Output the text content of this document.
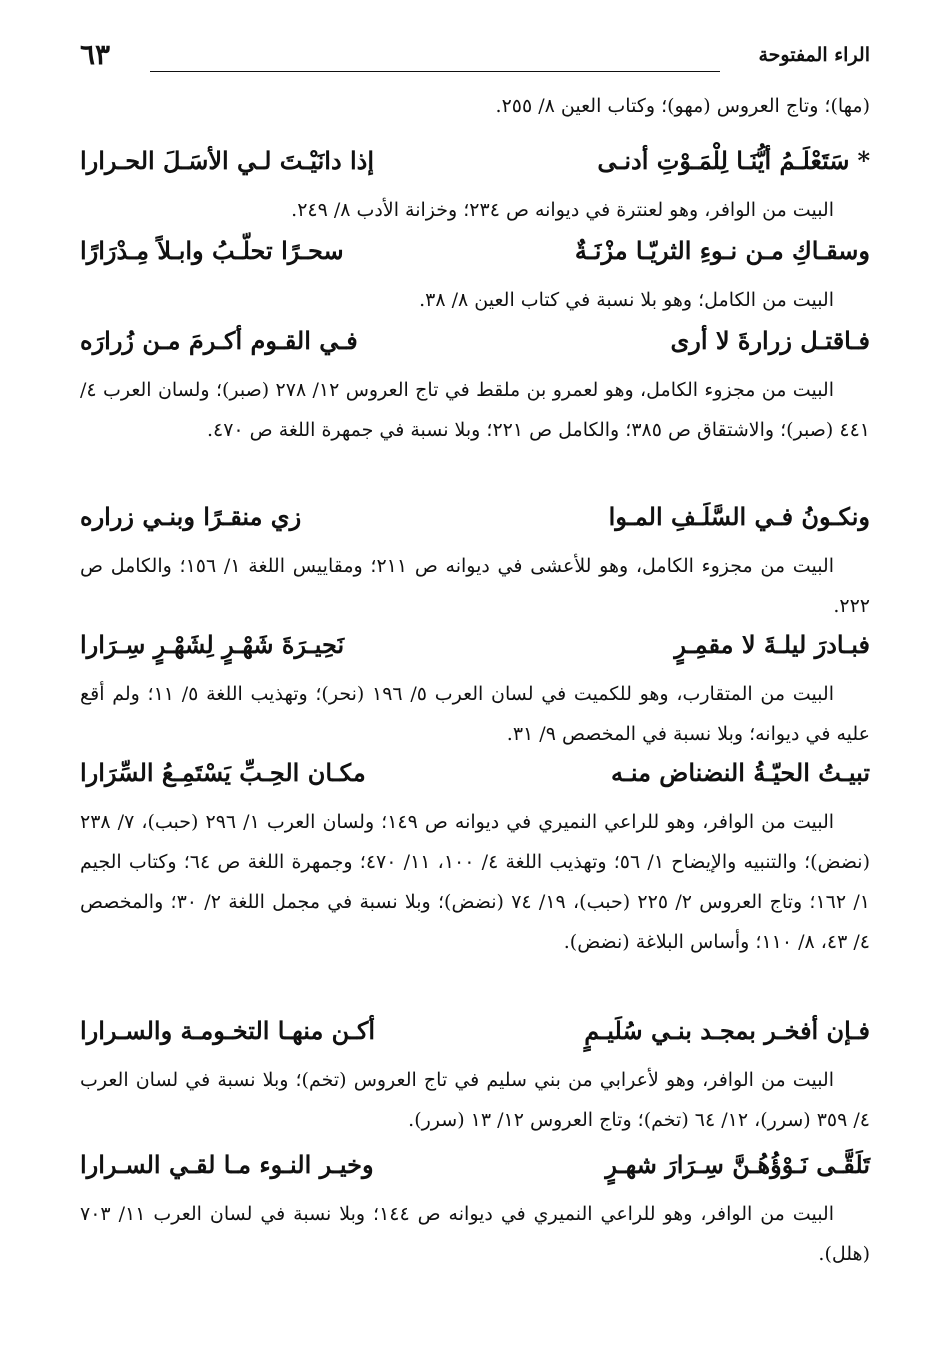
الراء المفتوحة
٦٣

(مها)؛ وتاج العروس (مهو)؛ وكتاب العين ٨/ ٢٥٥.

*سَتَعْلَـمُ أيُّنَـا لِلْمَـوْتِ أدنـى
إذا دانَيْـتَ لـي الأسَـلَ الحـرارا

البيت من الوافر، وهو لعنترة في ديوانه ص ٢٣٤؛ وخزانة الأدب ٨/ ٢٤٩.

وسقـاكِ مـن نـوءِ الثريّـا مزْنَـةٌ
سحـرًا تحلّـبُ وابـلاً مِـدْرَارًا

البيت من الكامل؛ وهو بلا نسبة في كتاب العين ٨/ ٣٨.

فـاقتـل زرارةَ لا أرى
فـي القـوم أكـرمَ مـن زُرارَه

البيت من مجزوء الكامل، وهو لعمرو بن ملقط في تاج العروس ١٢/ ٢٧٨ (صبر)؛ ولسان العرب ٤/ ٤٤١ (صبر)؛ والاشتقاق ص ٣٨٥؛ والكامل ص ٢٢١؛ وبلا نسبة في جمهرة اللغة ص ٤٧٠.

ونكـونُ فـي السَّلَـفِ المـوا
زي منقـرًا وبنـي زراره

البيت من مجزوء الكامل، وهو للأعشى في ديوانه ص ٢١١؛ ومقاييس اللغة ١/ ١٥٦؛ والكامل ص ٢٢٢.

فبـادرَ ليلـةَ لا مقمِـرٍ
نَحِيـرَةَ شَهْـرٍ لِشَهْـرٍ سِـرَارا

البيت من المتقارب، وهو للكميت في لسان العرب ٥/ ١٩٦ (نحر)؛ وتهذيب اللغة ٥/ ١١؛ ولم أقع عليه في ديوانه؛ وبلا نسبة في المخصص ٩/ ٣١.

تبيـتُ الحيّـةُ النضناض منـه
مكـان الحِـبِّ يَسْتَمِـعُ السِّرَارا

البيت من الوافر، وهو للراعي النميري في ديوانه ص ١٤٩؛ ولسان العرب ١/ ٢٩٦ (حبب)، ٧/ ٢٣٨ (نضض)؛ والتنبيه والإيضاح ١/ ٥٦؛ وتهذيب اللغة ٤/ ١٠٠، ١١/ ٤٧٠؛ وجمهرة اللغة ص ٦٤؛ وكتاب الجيم ١/ ١٦٢؛ وتاج العروس ٢/ ٢٢٥ (حبب)، ١٩/ ٧٤ (نضض)؛ وبلا نسبة في مجمل اللغة ٢/ ٣٠؛ والمخصص ٤/ ٤٣، ٨/ ١١٠؛ وأساس البلاغة (نضض).

فـإن أفخـر بمجـد بنـي سُلَيـمٍ
أكـن منهـا التخـومـة والسـرارا

البيت من الوافر، وهو لأعرابي من بني سليم في تاج العروس (تخم)؛ وبلا نسبة في لسان العرب ٤/ ٣٥٩ (سرر)، ١٢/ ٦٤ (تخم)؛ وتاج العروس ١٢/ ١٣ (سرر).

تَلَقَّـى نَـوْؤُهُـنَّ سِـرَارَ شهـرٍ
وخيـر النـوء مـا لقـي السـرارا

البيت من الوافر، وهو للراعي النميري في ديوانه ص ١٤٤؛ وبلا نسبة في لسان العرب ١١/ ٧٠٣ (هلل).
